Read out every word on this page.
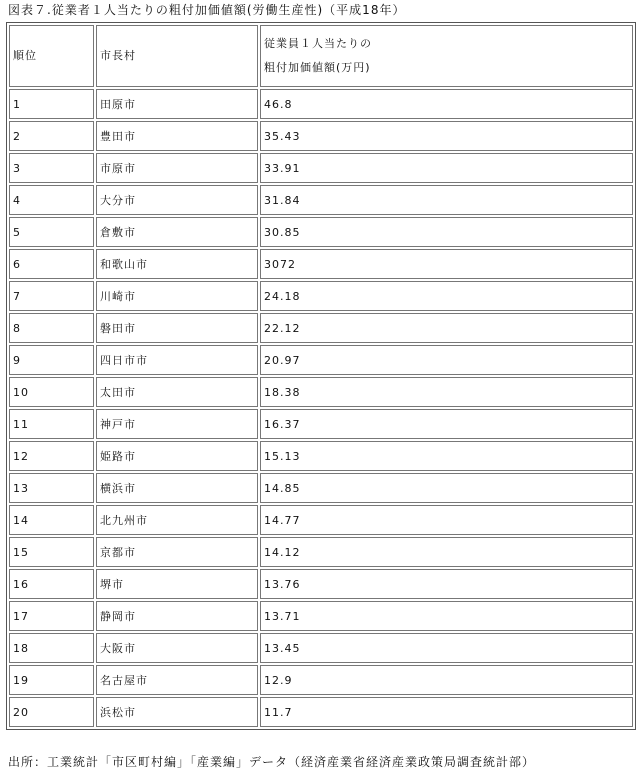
図表７.従業者１人当たりの粗付加価値額(労働生産性)（平成18年）
順位	市長村	従業員１人当たりの
粗付加価値額(万円)

1	田原市	46.8
2	豊田市	35.43
3	市原市	33.91
4	大分市	31.84
5	倉敷市	30.85
6	和歌山市	3072
7	川崎市	24.18
8	磐田市	22.12
9	四日市市	20.97
10	太田市	18.38
11	神戸市	16.37
12	姫路市	15.13
13	横浜市	14.85
14	北九州市	14.77
15	京都市	14.12
16	堺市	13.76
17	静岡市	13.71
18	大阪市	13.45
19	名古屋市	12.9
20	浜松市	11.7
出所：工業統計「市区町村編」「産業編」データ（経済産業省経済産業政策局調査統計部）
